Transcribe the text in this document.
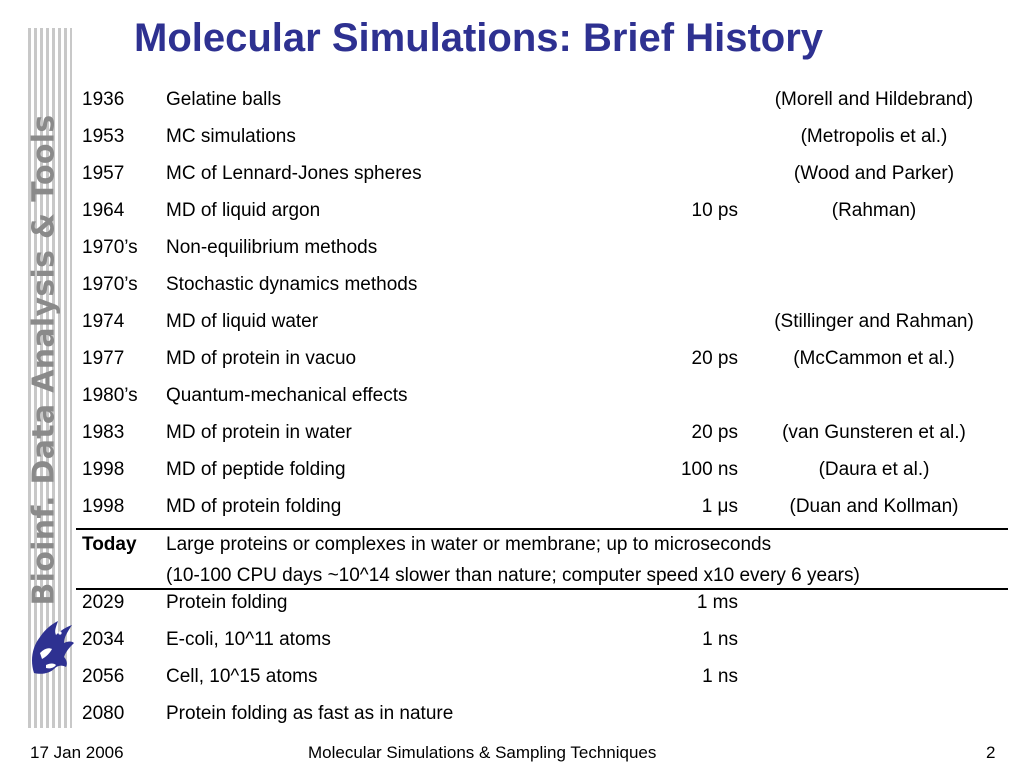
Bioinf. Data Analysis & Tools
Molecular Simulations: Brief History
1936 Gelatine balls	(Morell and Hildebrand)
1953 MC simulations	(Metropolis et al.)
1957 MC of Lennard-Jones spheres	(Wood and Parker)
1964 MD of liquid argon	10 ps	(Rahman)
1970’s Non-equilibrium methods
1970’s Stochastic dynamics methods
1974 MD of liquid water	(Stillinger and Rahman)
1977 MD of protein in vacuo	20 ps	(McCammon et al.)
1980’s Quantum-mechanical effects
1983 MD of protein in water	20 ps	(van Gunsteren et al.)
1998 MD of peptide folding	100 ns	(Daura et al.)
1998 MD of protein folding	1 μs	(Duan and Kollman)
Today Large proteins or complexes in water or membrane; up to microseconds
(10-100 CPU days ~10^14 slower than nature; computer speed x10 every 6 years)
2029 Protein folding	1 ms
2034 E-coli, 10^11 atoms	1 ns
2056 Cell, 10^15 atoms	1 ns
2080 Protein folding as fast as in nature
17 Jan 2006	Molecular Simulations & Sampling Techniques	2
